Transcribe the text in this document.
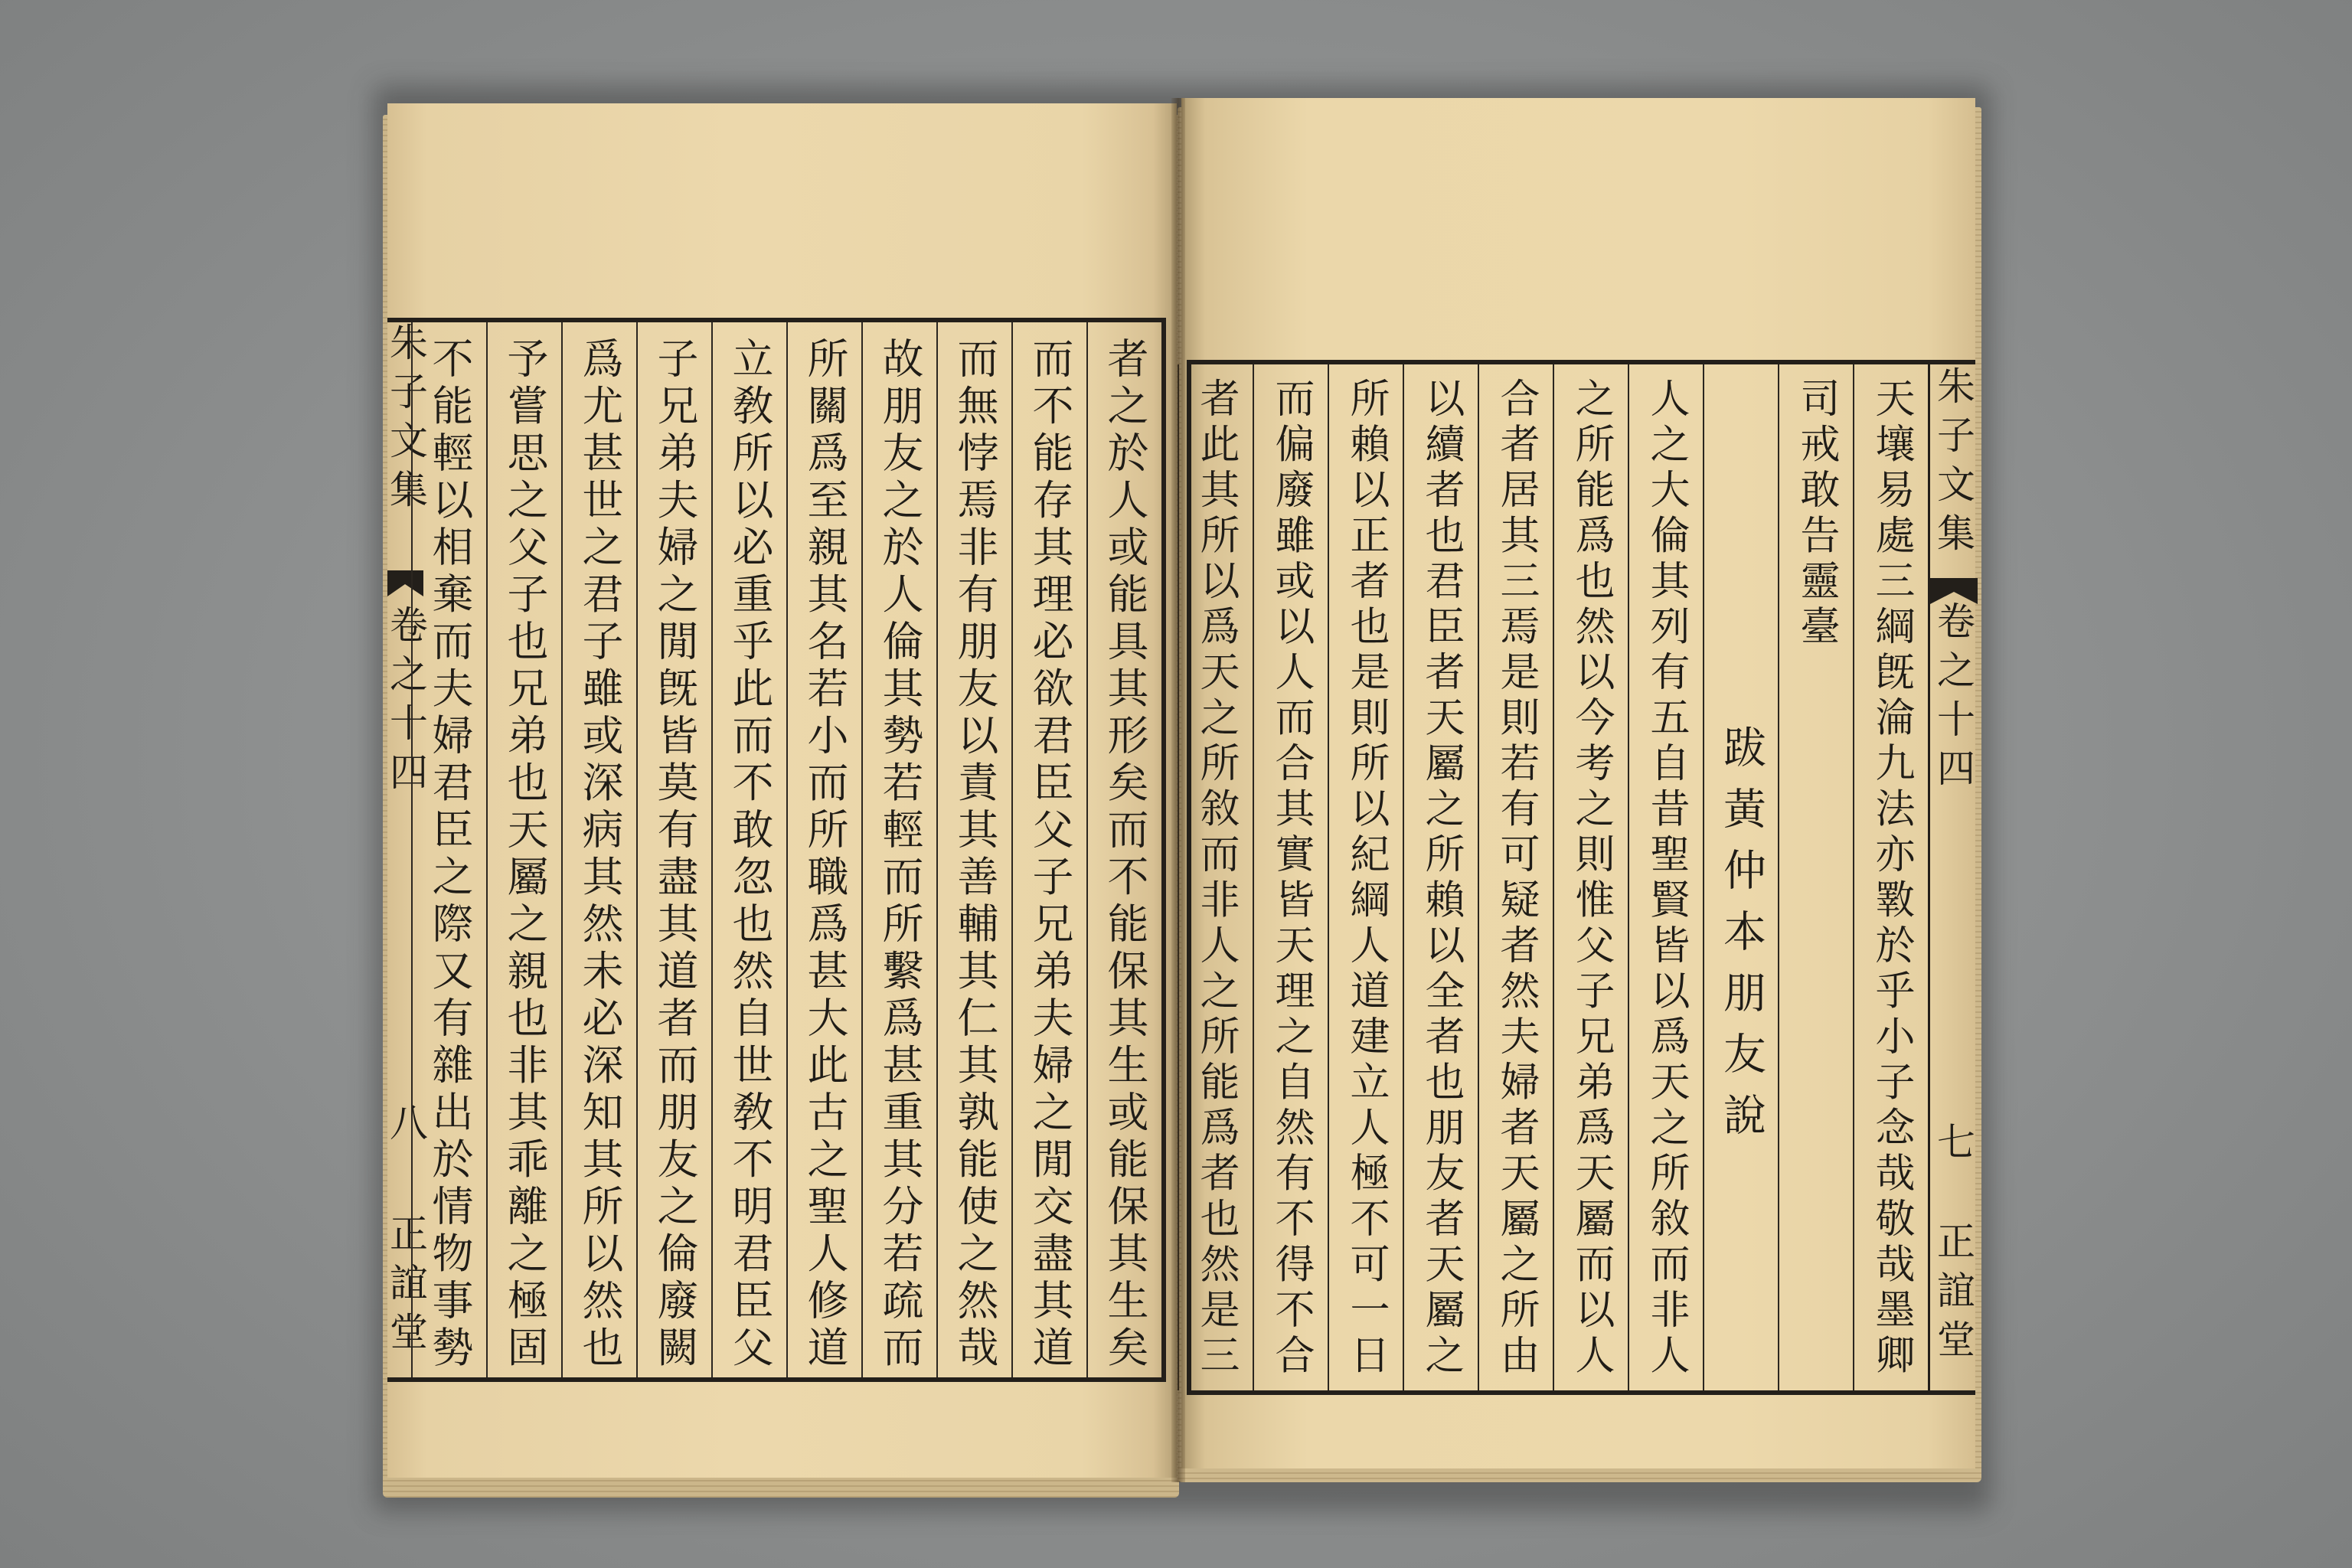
朱子文集
卷之十四
八
正誼堂	者之於人或能具其形矣而不能保其生或能保其生矣
而不能存其理必欲君臣父子兄弟夫婦之閒交盡其道
而無悖焉非有朋友以責其善輔其仁其孰能使之然哉
故朋友之於人倫其勢若輕而所繫爲甚重其分若疏而
所關爲至親其名若小而所職爲甚大此古之聖人修道
立敎所以必重乎此而不敢忽也然自世敎不明君臣父
子兄弟夫婦之閒旣皆莫有盡其道者而朋友之倫廢闕
爲尤甚世之君子雖或深病其然未必深知其所以然也
予嘗思之父子也兄弟也天屬之親也非其乖離之極固
不能輕以相棄而夫婦君臣之際又有雜出於情物事勢	天壤易處三綱旣淪九法亦斁於乎小子念哉敬哉墨卿
司戒敢告靈臺
跋黃仲本朋友說
人之大倫其列有五自昔聖賢皆以爲天之所敘而非人
之所能爲也然以今考之則惟父子兄弟爲天屬而以人
合者居其三焉是則若有可疑者然夫婦者天屬之所由
以續者也君臣者天屬之所賴以全者也朋友者天屬之
所賴以正者也是則所以紀綱人道建立人極不可一日
而偏廢雖或以人而合其實皆天理之自然有不得不合
者此其所以爲天之所敘而非人之所能爲者也然是三	朱子文集
卷之十四
七
正誼堂
